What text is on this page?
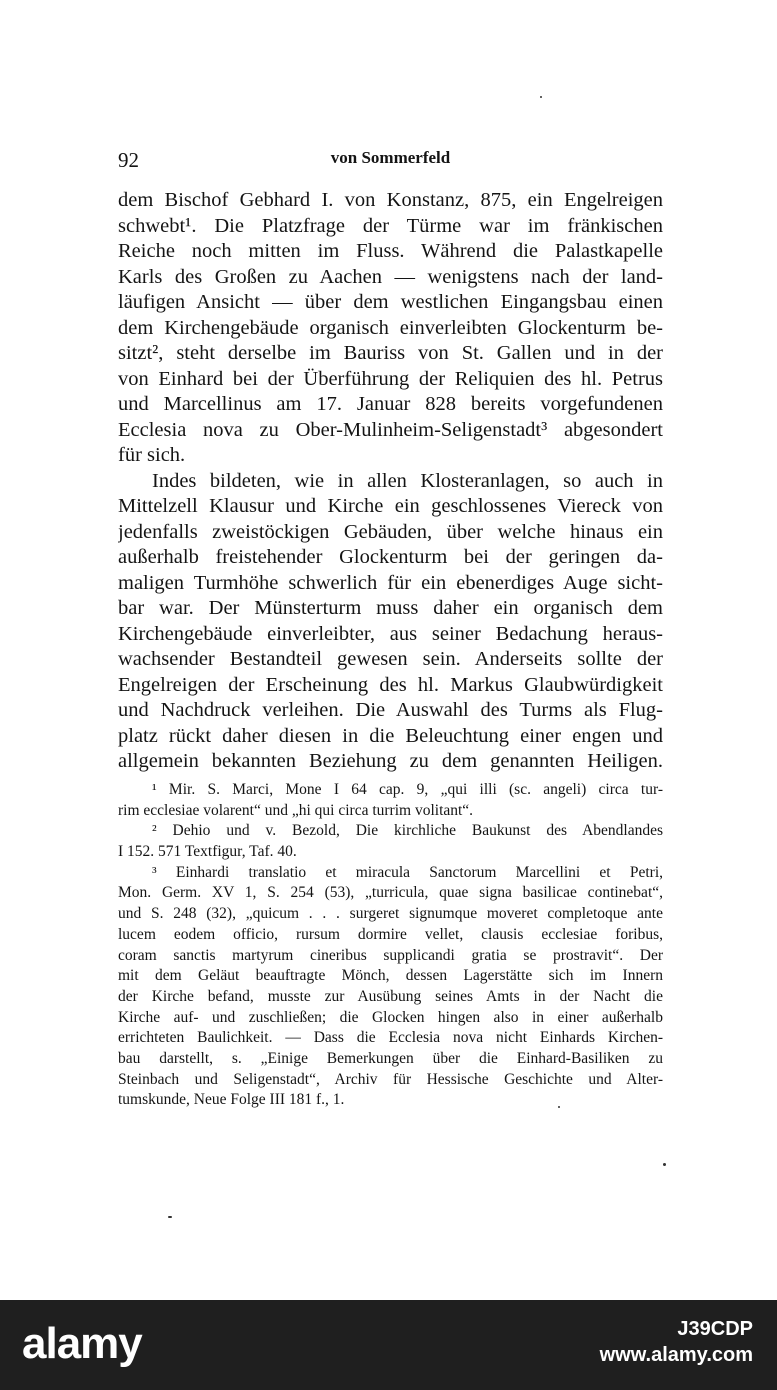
92	von Sommerfeld
dem Bischof Gebhard I. von Konstanz, 875, ein Engelreigen
schwebt¹. Die Platzfrage der Türme war im fränkischen
Reiche noch mitten im Fluss. Während die Palastkapelle
Karls des Großen zu Aachen — wenigstens nach der land-
läufigen Ansicht — über dem westlichen Eingangsbau einen
dem Kirchengebäude organisch einverleibten Glockenturm be-
sitzt², steht derselbe im Bauriss von St. Gallen und in der
von Einhard bei der Überführung der Reliquien des hl. Petrus
und Marcellinus am 17. Januar 828 bereits vorgefundenen
Ecclesia nova zu Ober-Mulinheim-Seligenstadt³ abgesondert
für sich.
Indes bildeten, wie in allen Klosteranlagen, so auch in
Mittelzell Klausur und Kirche ein geschlossenes Viereck von
jedenfalls zweistöckigen Gebäuden, über welche hinaus ein
außerhalb freistehender Glockenturm bei der geringen da-
maligen Turmhöhe schwerlich für ein ebenerdiges Auge sicht-
bar war. Der Münsterturm muss daher ein organisch dem
Kirchengebäude einverleibter, aus seiner Bedachung heraus-
wachsender Bestandteil gewesen sein. Anderseits sollte der
Engelreigen der Erscheinung des hl. Markus Glaubwürdigkeit
und Nachdruck verleihen. Die Auswahl des Turms als Flug-
platz rückt daher diesen in die Beleuchtung einer engen und
allgemein bekannten Beziehung zu dem genannten Heiligen.
¹ Mir. S. Marci, Mone I 64 cap. 9, „qui illi (sc. angeli) circa tur-
rim ecclesiae volarent“ und „hi qui circa turrim volitant“.
² Dehio und v. Bezold, Die kirchliche Baukunst des Abendlandes
I 152. 571 Textfigur, Taf. 40.
³ Einhardi translatio et miracula Sanctorum Marcellini et Petri,
Mon. Germ. XV 1, S. 254 (53), „turricula, quae signa basilicae continebat“,
und S. 248 (32), „quicum . . . surgeret signumque moveret completoque ante
lucem eodem officio, rursum dormire vellet, clausis ecclesiae foribus,
coram sanctis martyrum cineribus supplicandi gratia se prostravit“. Der
mit dem Geläut beauftragte Mönch, dessen Lagerstätte sich im Innern
der Kirche befand, musste zur Ausübung seines Amts in der Nacht die
Kirche auf- und zuschließen; die Glocken hingen also in einer außerhalb
errichteten Baulichkeit. — Dass die Ecclesia nova nicht Einhards Kirchen-
bau darstellt, s. „Einige Bemerkungen über die Einhard-Basiliken zu
Steinbach und Seligenstadt“, Archiv für Hessische Geschichte und Alter-
tumskunde, Neue Folge III 181 f., 1.
alamy	J39CDP
www.alamy.com
